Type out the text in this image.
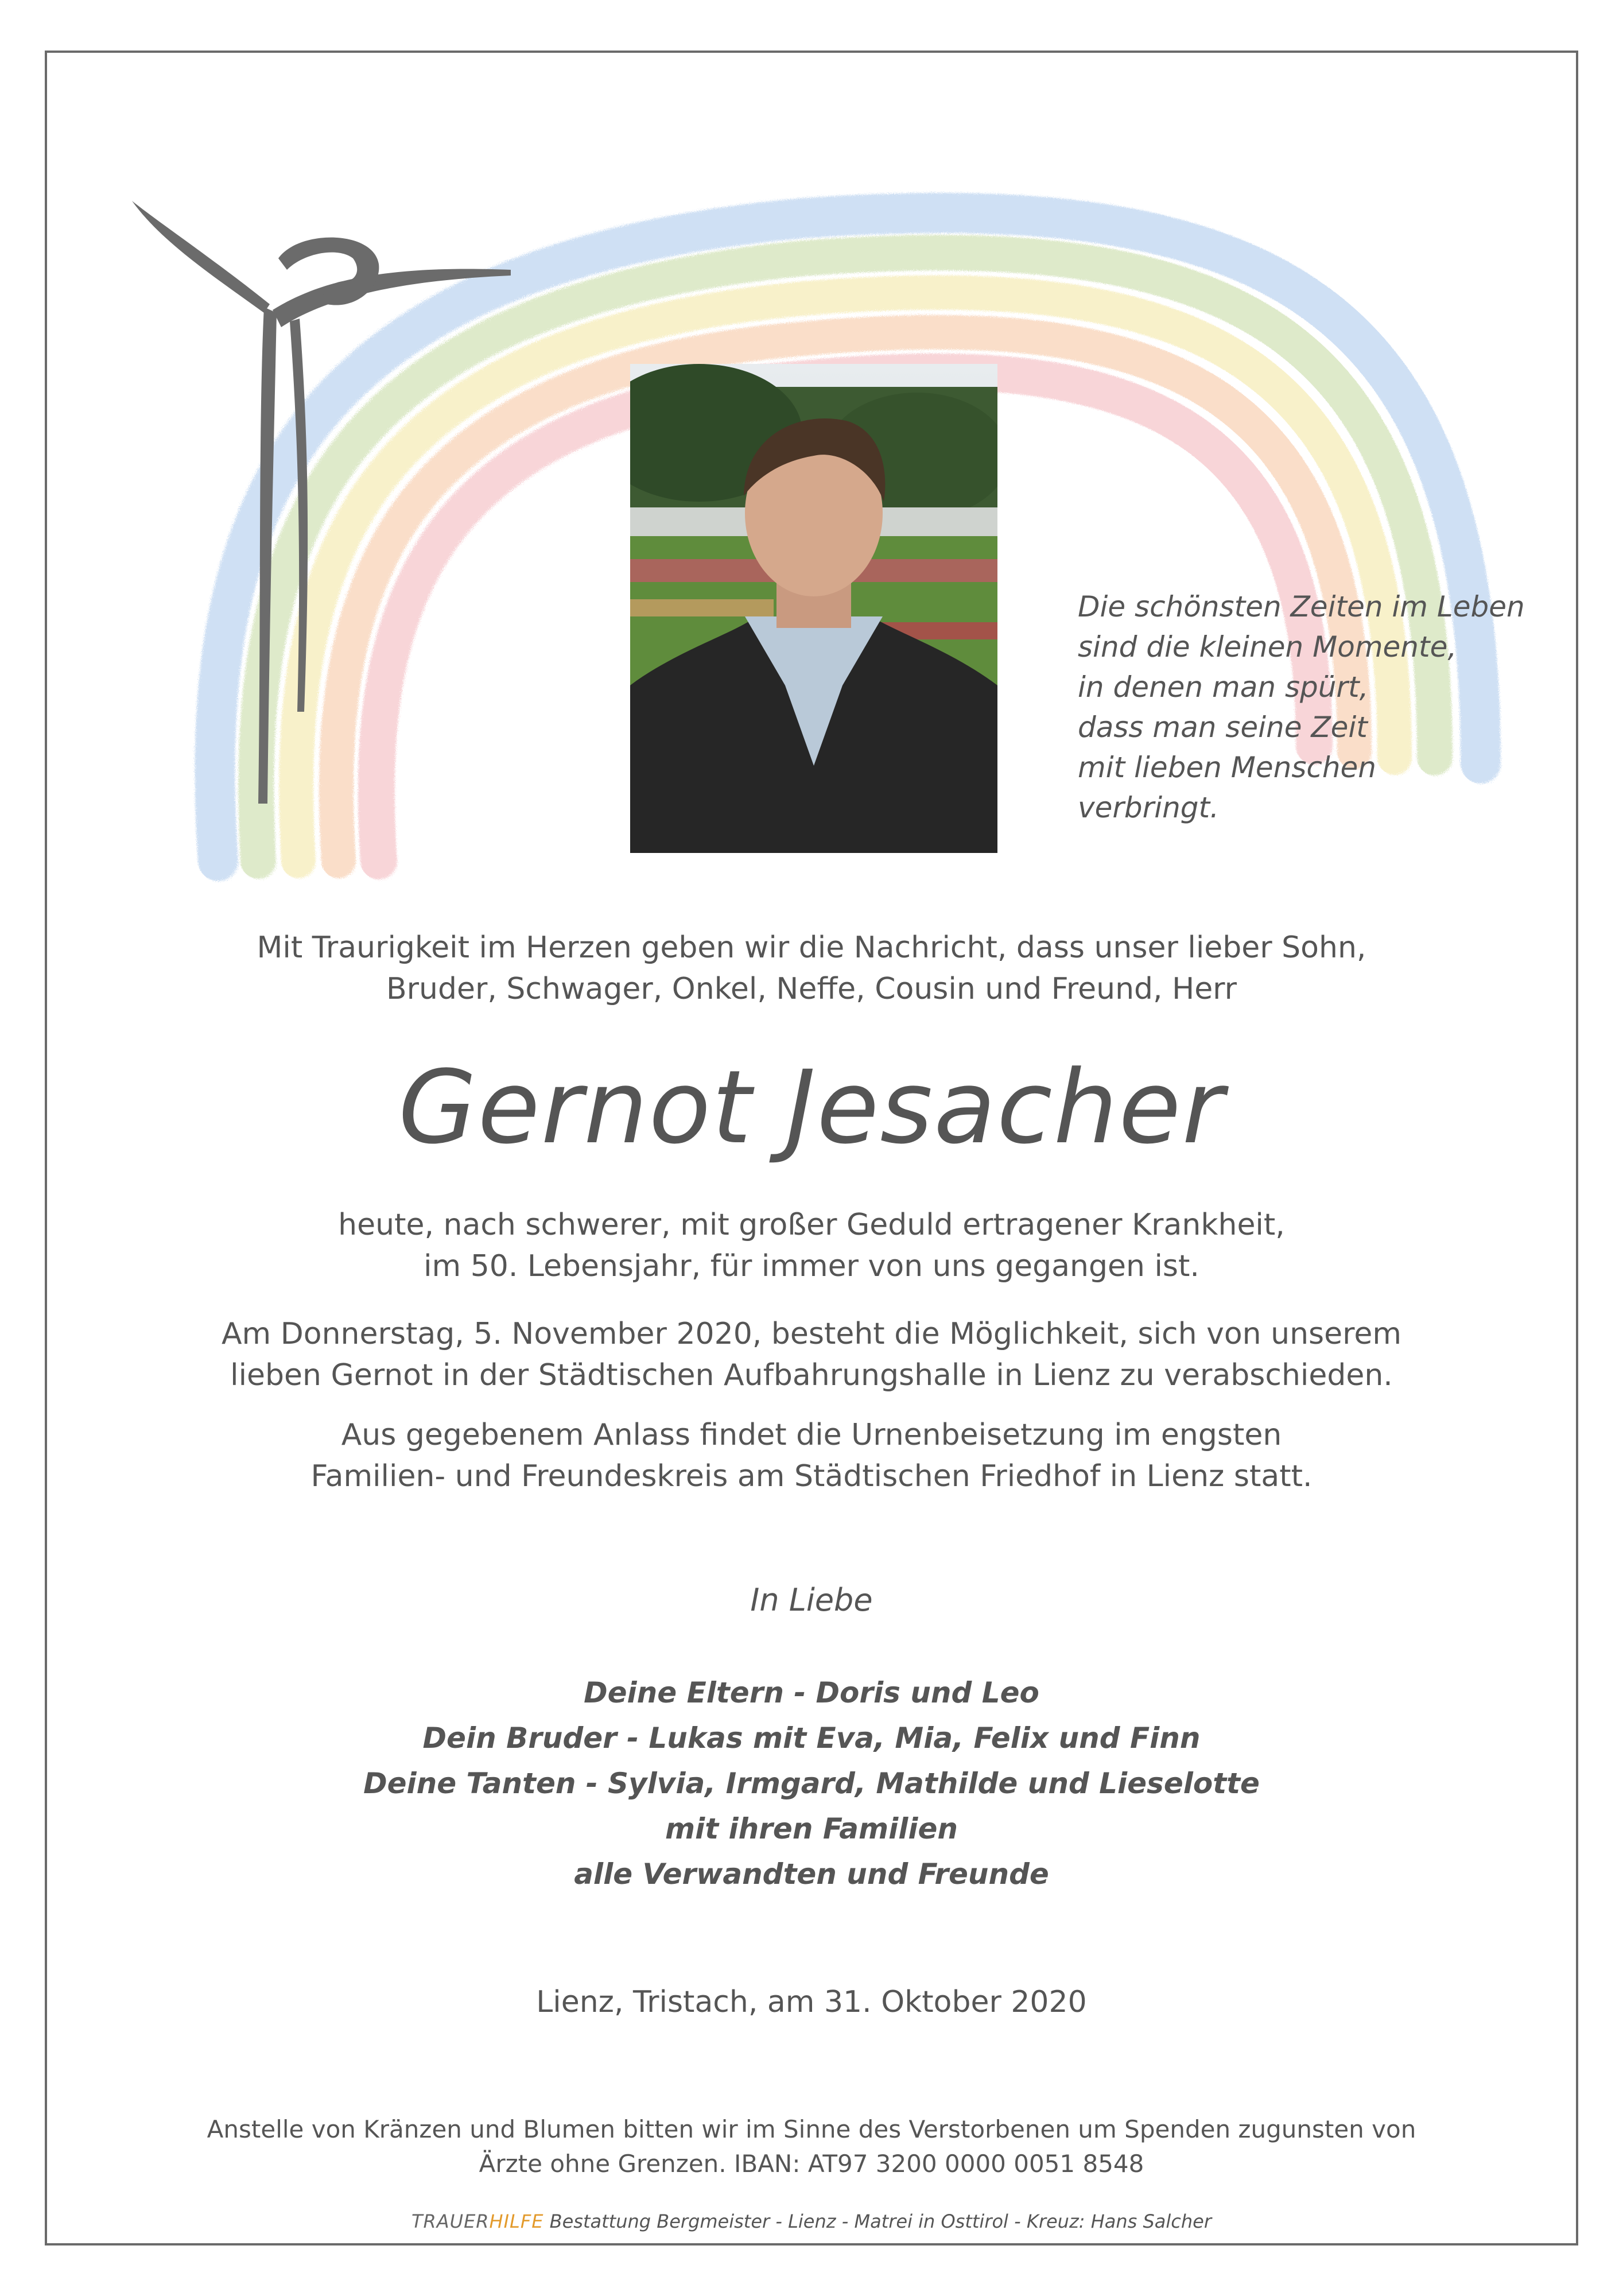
Die schönsten Zeiten im Leben
sind die kleinen Momente,
in denen man spürt,
dass man seine Zeit
mit lieben Menschen
verbringt.
Mit Traurigkeit im Herzen geben wir die Nachricht, dass unser lieber Sohn,
Bruder, Schwager, Onkel, Neffe, Cousin und Freund, Herr
Gernot Jesacher
heute, nach schwerer, mit großer Geduld ertragener Krankheit,
im 50. Lebensjahr, für immer von uns gegangen ist.
Am Donnerstag, 5. November 2020, besteht die Möglichkeit, sich von unserem
lieben Gernot in der Städtischen Aufbahrungshalle in Lienz zu verabschieden.
Aus gegebenem Anlass findet die Urnenbeisetzung im engsten
Familien- und Freundeskreis am Städtischen Friedhof in Lienz statt.
In Liebe
Deine Eltern - Doris und Leo
Dein Bruder - Lukas mit Eva, Mia, Felix und Finn
Deine Tanten - Sylvia, Irmgard, Mathilde und Lieselotte
mit ihren Familien
alle Verwandten und Freunde
Lienz, Tristach, am 31. Oktober 2020
Anstelle von Kränzen und Blumen bitten wir im Sinne des Verstorbenen um Spenden zugunsten von
Ärzte ohne Grenzen. IBAN: AT97 3200 0000 0051 8548
TRAUERHILFE Bestattung Bergmeister - Lienz - Matrei in Osttirol - Kreuz: Hans Salcher
